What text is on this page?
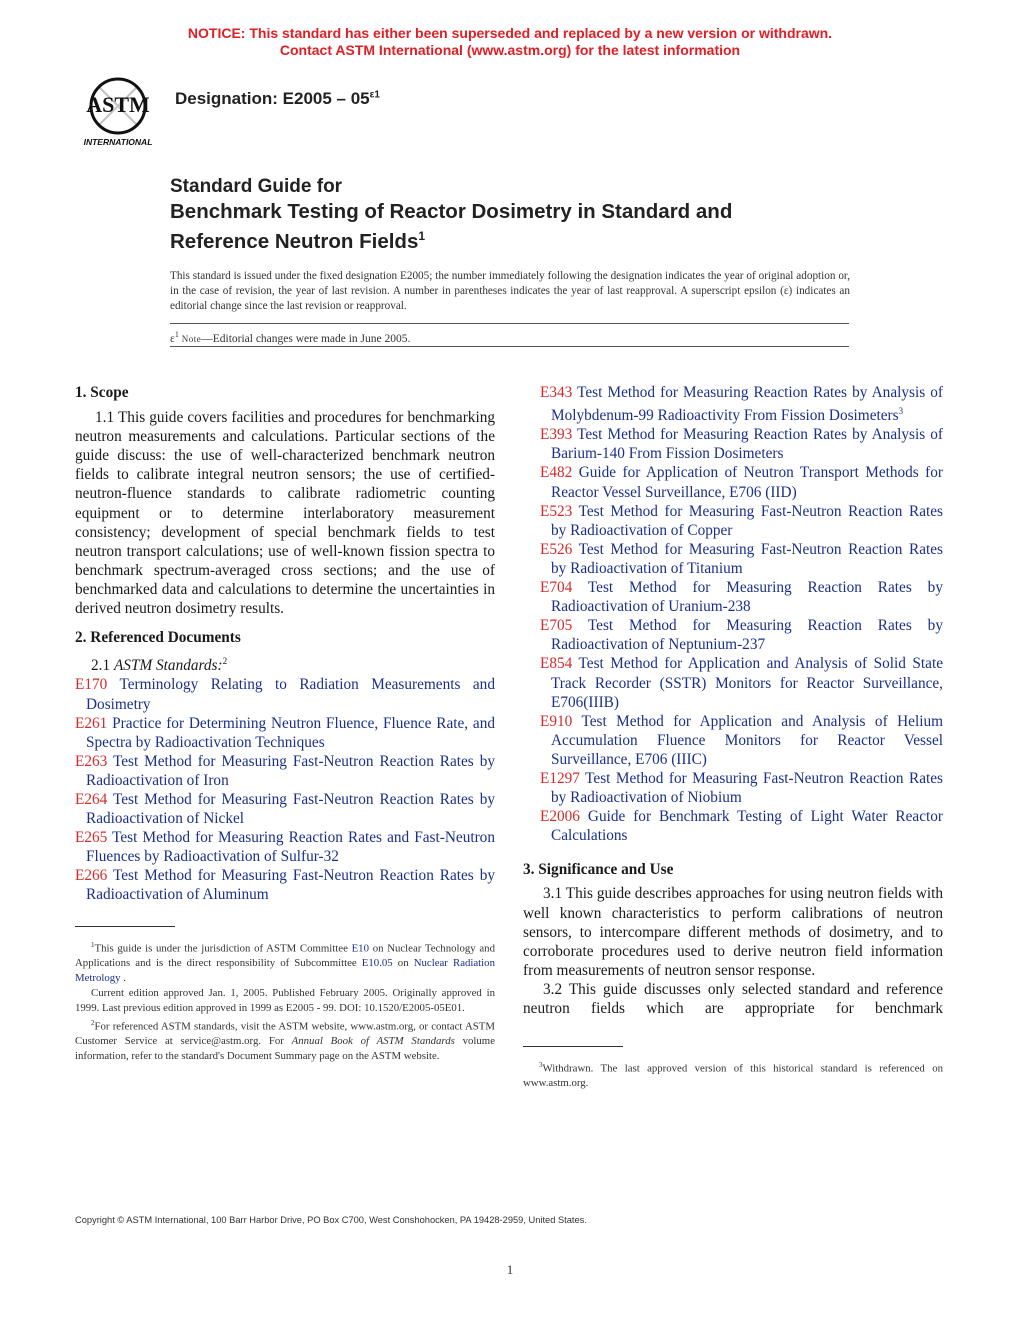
NOTICE: This standard has either been superseded and replaced by a new version or withdrawn.
Contact ASTM International (www.astm.org) for the latest information
ASTM
INTERNATIONAL
Designation: $E2005 - 05^{\varepsilon 1}$
Standard Guide for
Benchmark Testing of Reactor Dosimetry in Standard and
Reference Neutron Fields$^1$
This standard is issued under the fixed designation E2005; the number immediately following the designation indicates the year of original adoption or, in the case of revision, the year of last revision. A number in parentheses indicates the year of last reapproval. A superscript epsilon (ε) indicates an editorial change since the last revision or reapproval.
$\varepsilon^1$ Note—Editorial changes were made in June 2005.

1. Scope

1.1 This guide covers facilities and procedures for benchmarking neutron measurements and calculations. Particular sections of the guide discuss: the use of well-characterized benchmark neutron fields to calibrate integral neutron sensors; the use of certified-neutron-fluence standards to calibrate radiometric counting equipment or to determine interlaboratory measurement consistency; development of special benchmark fields to test neutron transport calculations; use of well-known fission spectra to benchmark spectrum-averaged cross sections; and the use of benchmarked data and calculations to determine the uncertainties in derived neutron dosimetry results.

2. Referenced Documents

2.1 ASTM Standards:$^2$

E170 Terminology Relating to Radiation Measurements and Dosimetry

E261 Practice for Determining Neutron Fluence, Fluence Rate, and Spectra by Radioactivation Techniques

E263 Test Method for Measuring Fast-Neutron Reaction Rates by Radioactivation of Iron

E264 Test Method for Measuring Fast-Neutron Reaction Rates by Radioactivation of Nickel

E265 Test Method for Measuring Reaction Rates and Fast-Neutron Fluences by Radioactivation of Sulfur-32

E266 Test Method for Measuring Fast-Neutron Reaction Rates by Radioactivation of Aluminum

$^1$This guide is under the jurisdiction of ASTM Committee E10 on Nuclear Technology and Applications and is the direct responsibility of Subcommittee E10.05 on Nuclear Radiation Metrology .

Current edition approved Jan. 1, 2005. Published February 2005. Originally approved in 1999. Last previous edition approved in 1999 as E2005 - 99. DOI: 10.1520/E2005-05E01.

$^2$For referenced ASTM standards, visit the ASTM website, www.astm.org, or contact ASTM Customer Service at service@astm.org. For Annual Book of ASTM Standards volume information, refer to the standard's Document Summary page on the ASTM website.

E343 Test Method for Measuring Reaction Rates by Analysis of Molybdenum-99 Radioactivity From Fission Dosimeters$^3$

E393 Test Method for Measuring Reaction Rates by Analysis of Barium-140 From Fission Dosimeters

E482 Guide for Application of Neutron Transport Methods for Reactor Vessel Surveillance, E706 (IID)

E523 Test Method for Measuring Fast-Neutron Reaction Rates by Radioactivation of Copper

E526 Test Method for Measuring Fast-Neutron Reaction Rates by Radioactivation of Titanium

E704 Test Method for Measuring Reaction Rates by Radioactivation of Uranium-238

E705 Test Method for Measuring Reaction Rates by Radioactivation of Neptunium-237

E854 Test Method for Application and Analysis of Solid State Track Recorder (SSTR) Monitors for Reactor Surveillance, E706(IIIB)

E910 Test Method for Application and Analysis of Helium Accumulation Fluence Monitors for Reactor Vessel Surveillance, E706 (IIIC)

E1297 Test Method for Measuring Fast-Neutron Reaction Rates by Radioactivation of Niobium

E2006 Guide for Benchmark Testing of Light Water Reactor Calculations

3. Significance and Use

3.1 This guide describes approaches for using neutron fields with well known characteristics to perform calibrations of neutron sensors, to intercompare different methods of dosimetry, and to corroborate procedures used to derive neutron field information from measurements of neutron sensor response.

3.2 This guide discusses only selected standard and reference neutron fields which are appropriate for benchmark

$^3$Withdrawn. The last approved version of this historical standard is referenced on www.astm.org.

Copyright © ASTM International, 100 Barr Harbor Drive, PO Box C700, West Conshohocken, PA 19428-2959, United States.
1
